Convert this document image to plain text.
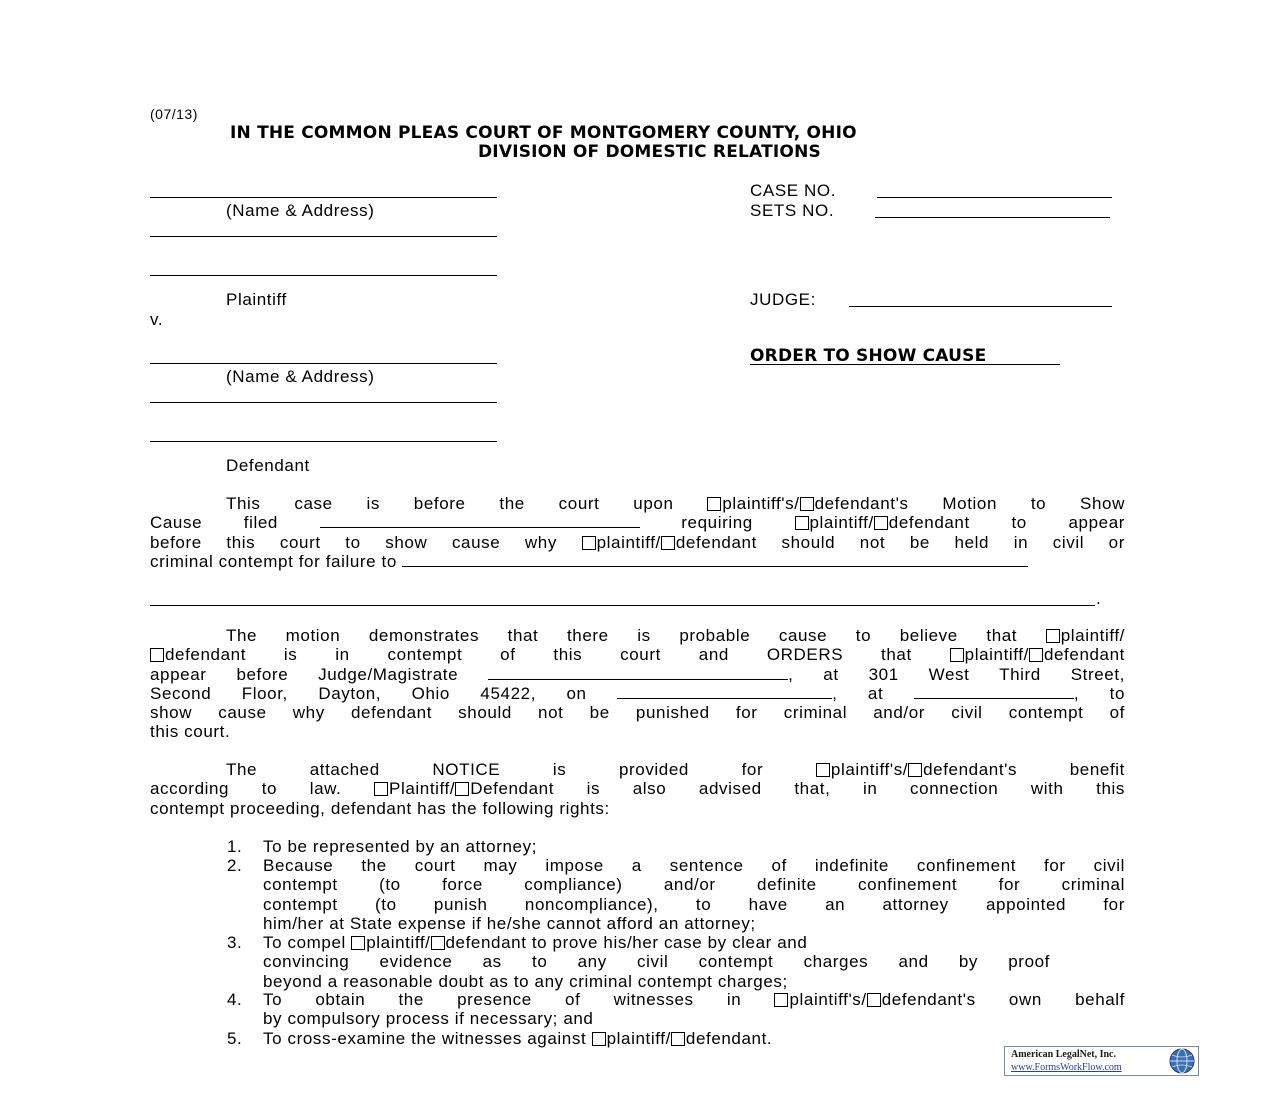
(07/13)
IN THE COMMON PLEAS COURT OF MONTGOMERY COUNTY, OHIO
DIVISION OF DOMESTIC RELATIONS
(Name & Address)
Plaintiff
v.
(Name & Address)
Defendant
CASE NO.
SETS NO.
JUDGE:
ORDER TO SHOW CAUSE
This case is before the court upon	plaintiff's/ defendant's Motion to Show
Cause filed	requiring	plaintiff/ defendant to appear
before this court to show cause why plaintiff/ defendant should not be held in civil or
criminal contempt for failure to
.
The motion demonstrates that there is probable cause to believe that	plaintiff/
defendant is in contempt of this court and ORDERS that	plaintiff/ defendant
appear before Judge/Magistrate	, at 301 West Third Street,
Second Floor, Dayton, Ohio 45422, on	, at	, to
show cause why defendant should not be punished for criminal and/or civil contempt of
this court.
The attached NOTICE is provided for	plaintiff's/ defendant's	benefit
according to law.	Plaintiff/ Defendant is also advised that, in connection with this
contempt proceeding, defendant has the following rights:
1. To be represented by an attorney;
2. Because the court may impose a sentence of indefinite confinement for civil
contempt (to force compliance) and/or definite confinement for criminal
contempt (to punish noncompliance), to have an attorney appointed for
him/her at State expense if he/she cannot afford an attorney;
3. To compel plaintiff/ defendant to prove his/her case by clear and
convincing evidence as to any civil contempt charges and by proof
beyond a reasonable doubt as to any criminal contempt charges;
4. To obtain the presence of witnesses in	plaintiff's/ defendant's own behalf
by compulsory process if necessary; and
5. To cross-examine the witnesses against plaintiff/ defendant.
American LegalNet, Inc.
www.FormsWorkFlow.com
